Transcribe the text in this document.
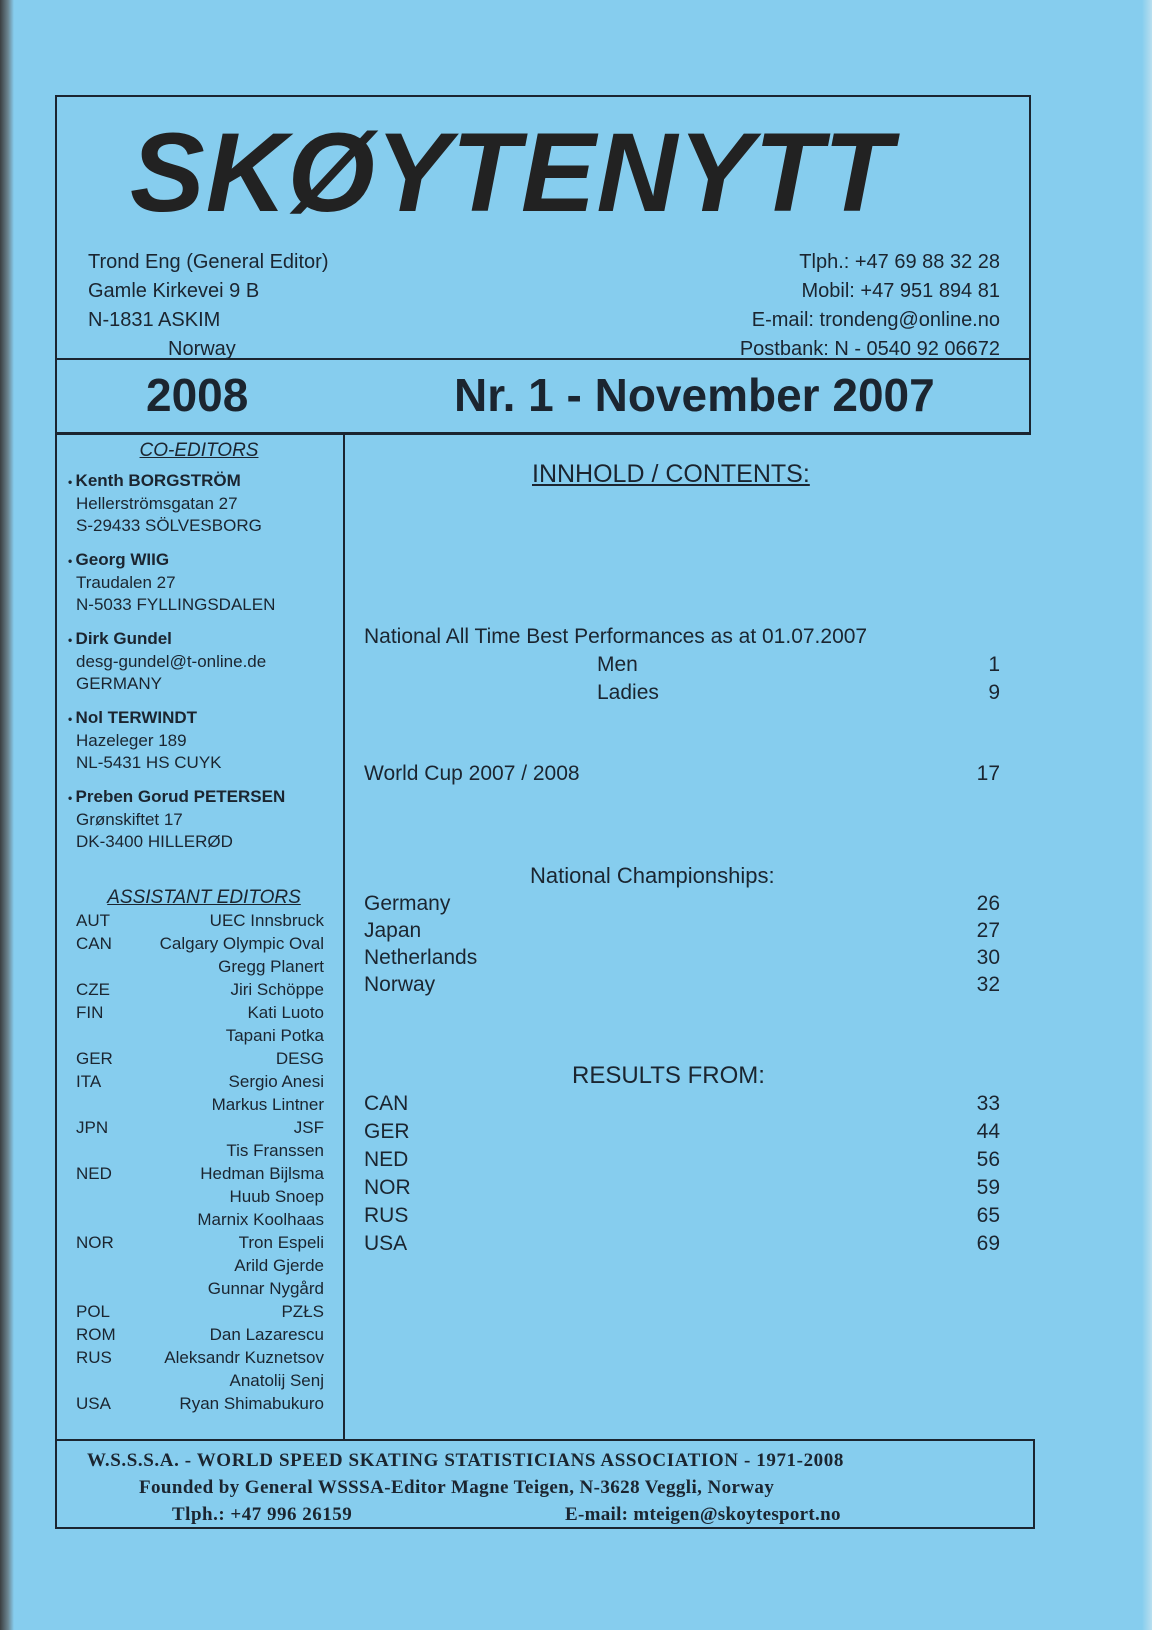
SKØYTENYTT
Trond Eng (General Editor)
Gamle Kirkevei 9 B
N-1831 ASKIM
Norway
Tlph.: +47 69 88 32 28
Mobil: +47 951 894 81
E-mail: trondeng@online.no
Postbank: N - 0540 92 06672
2008	Nr. 1 - November 2007
CO-EDITORS
• Kenth BORGSTRÖM
Hellerströmsgatan 27
S-29433 SÖLVESBORG
• Georg WIIG
Traudalen 27
N-5033 FYLLINGSDALEN
• Dirk Gundel
desg-gundel@t-online.de
GERMANY
• Nol TERWINDT
Hazeleger 189
NL-5431 HS CUYK
• Preben Gorud PETERSEN
Grønskiftet 17
DK-3400 HILLERØD
ASSISTANT EDITORS
AUT	UEC Innsbruck
CAN	Calgary Olympic Oval
Gregg Planert
CZE	Jiri Schöppe
FIN	Kati Luoto
Tapani Potka
GER	DESG
ITA	Sergio Anesi
Markus Lintner
JPN	JSF
Tis Franssen
NED	Hedman Bijlsma
Huub Snoep
Marnix Koolhaas
NOR	Tron Espeli
Arild Gjerde
Gunnar Nygård
POL	PZŁS
ROM	Dan Lazarescu
RUS	Aleksandr Kuznetsov
Anatolij Senj
USA	Ryan Shimabukuro
INNHOLD / CONTENTS:
National All Time Best Performances as at 01.07.2007
Men	1
Ladies	9
World Cup 2007 / 2008	17
National Championships:
Germany	26
Japan	27
Netherlands	30
Norway	32
RESULTS FROM:
CAN	33
GER	44
NED	56
NOR	59
RUS	65
USA	69
W.S.S.S.A. - WORLD SPEED SKATING STATISTICIANS ASSOCIATION - 1971-2008
Founded by General WSSSA-Editor Magne Teigen, N-3628 Veggli, Norway
Tlph.: +47 996 26159	E-mail: mteigen@skoytesport.no
